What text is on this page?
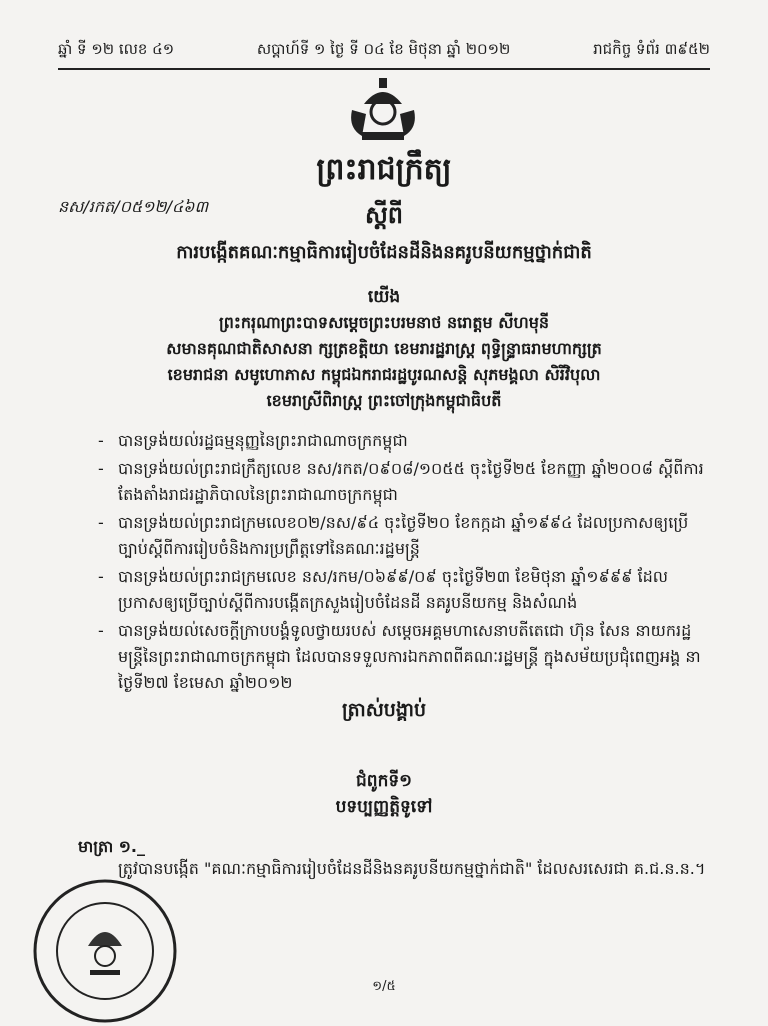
ឆ្នាំ ទី ១២ លេខ ៤១	សប្តាហ៍ទី ១ ថ្ងៃ ទី ០៤ ខែ មិថុនា ឆ្នាំ ២០១២	រាជកិច្ច ទំព័រ ៣៩៥២
ព្រះរាជក្រឹត្យ
នស/រកត/០៥១២/៤៦៣	ស្តីពី
ការបង្កើតគណៈកម្មាធិការរៀបចំដែនដីនិងនគរូបនីយកម្មថ្នាក់ជាតិ
យើង
ព្រះករុណាព្រះបាទសម្តេចព្រះបរមនាថ នរោត្តម សីហមុនី
សមានគុណជាតិសាសនា ក្សត្រខត្តិយា ខេមរារដ្ឋរាស្ត្រ ពុទ្ធិន្ទ្រាធរាមហាក្សត្រ
ខេមរាជនា សមូហោភាស កម្ពុជឯករាជរដ្ឋបូរណសន្តិ សុភមង្គលា សិរីវិបុលា
ខេមរាស្រីពិរាស្ត្រ ព្រះចៅក្រុងកម្ពុជាធិបតី
- បានទ្រង់យល់រដ្ឋធម្មនុញ្ញនៃព្រះរាជាណាចក្រកម្ពុជា
- បានទ្រង់យល់ព្រះរាជក្រឹត្យលេខ នស/រកត/០៩០៨/១០៥៥ ចុះថ្ងៃទី២៥ ខែកញ្ញា ឆ្នាំ២០០៨ ស្តីពីការតែងតាំងរាជរដ្ឋាភិបាលនៃព្រះរាជាណាចក្រកម្ពុជា
- បានទ្រង់យល់ព្រះរាជក្រមលេខ០២/នស/៩៤ ចុះថ្ងៃទី២០ ខែកក្កដា ឆ្នាំ១៩៩៤ ដែលប្រកាសឲ្យប្រើច្បាប់ស្តីពីការរៀបចំនិងការប្រព្រឹត្តទៅនៃគណៈរដ្ឋមន្ត្រី
- បានទ្រង់យល់ព្រះរាជក្រមលេខ នស/រកម/០៦៩៩/០៩ ចុះថ្ងៃទី២៣ ខែមិថុនា ឆ្នាំ១៩៩៩ ដែលប្រកាសឲ្យប្រើច្បាប់ស្តីពីការបង្កើតក្រសួងរៀបចំដែនដី នគរូបនីយកម្ម និងសំណង់
- បានទ្រង់យល់សេចក្តីក្រាបបង្គំទូលថ្វាយរបស់ សម្តេចអគ្គមហាសេនាបតីតេជោ ហ៊ុន សែន នាយករដ្ឋមន្ត្រីនៃព្រះរាជាណាចក្រកម្ពុជា ដែលបានទទួលការឯកភាពពីគណៈរដ្ឋមន្ត្រី ក្នុងសម័យប្រជុំពេញអង្គ នាថ្ងៃទី២៧ ខែមេសា ឆ្នាំ២០១២
ត្រាស់បង្គាប់
ជំពូកទី១
បទប្បញ្ញត្តិទូទៅ
មាត្រា ១._
ត្រូវបានបង្កើត "គណៈកម្មាធិការរៀបចំដែនដីនិងនគរូបនីយកម្មថ្នាក់ជាតិ" ដែលសរសេរជា គ.ជ.ន.ន.។
១/៥
